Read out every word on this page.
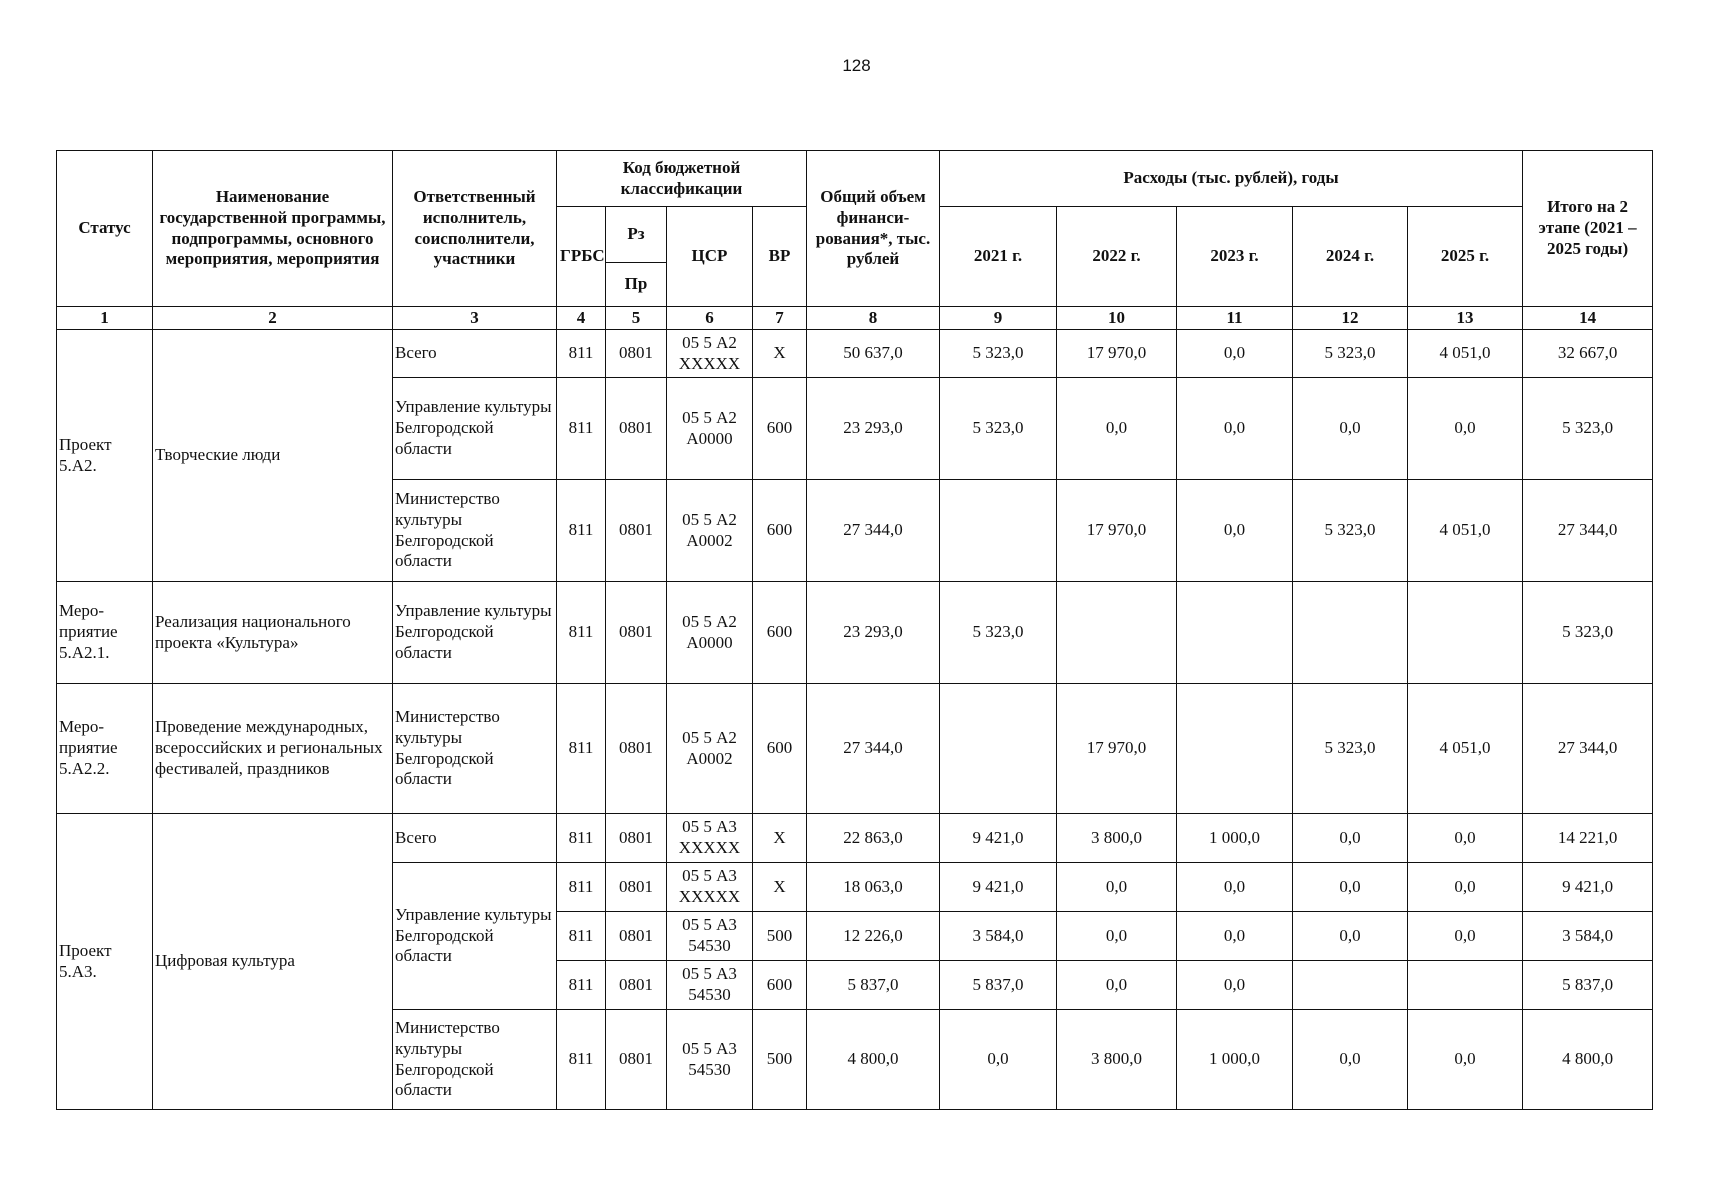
128
Статус	Наименование государственной программы, подпрограммы, основного мероприятия, мероприятия	Ответственный исполнитель, соисполнители, участники	Код бюджетной классификации				Общий объем финанси-рования*, тыс. рублей	Расходы (тыс. рублей), годы					Итого на 2 этапе (2021 – 2025 годы)
			ГРБС	Рз	ЦСР	ВР		2021 г.	2022 г.	2023 г.	2024 г.	2025 г.	
				Пр									
1	2	3	4	5	6	7	8	9	10	11	12	13	14
Проект 5.А2.	Творческие люди	Всего	811	0801	05 5 А2 XXXXX	Х	50 637,0	5 323,0	17 970,0	0,0	5 323,0	4 051,0	32 667,0
		Управление культуры Белгородской области	811	0801	05 5 А2 А0000	600	23 293,0	5 323,0	0,0	0,0	0,0	0,0	5 323,0
		Министерство культуры Белгородской области	811	0801	05 5 А2 А0002	600	27 344,0		17 970,0	0,0	5 323,0	4 051,0	27 344,0
Меро-приятие 5.А2.1.	Реализация национального проекта «Культура»	Управление культуры Белгородской области	811	0801	05 5 А2 А0000	600	23 293,0	5 323,0					5 323,0
Меро-приятие 5.А2.2.	Проведение международных, всероссийских и региональных фестивалей, праздников	Министерство культуры Белгородской области	811	0801	05 5 А2 А0002	600	27 344,0		17 970,0		5 323,0	4 051,0	27 344,0
Проект 5.А3.	Цифровая культура	Всего	811	0801	05 5 А3 XXXXX	Х	22 863,0	9 421,0	3 800,0	1 000,0	0,0	0,0	14 221,0
		Управление культуры Белгородской области	811	0801	05 5 А3 XXXXX	Х	18 063,0	9 421,0	0,0	0,0	0,0	0,0	9 421,0
			811	0801	05 5 А3 54530	500	12 226,0	3 584,0	0,0	0,0	0,0	0,0	3 584,0
			811	0801	05 5 А3 54530	600	5 837,0	5 837,0	0,0	0,0			5 837,0
		Министерство культуры Белгородской области	811	0801	05 5 А3 54530	500	4 800,0	0,0	3 800,0	1 000,0	0,0	0,0	4 800,0
